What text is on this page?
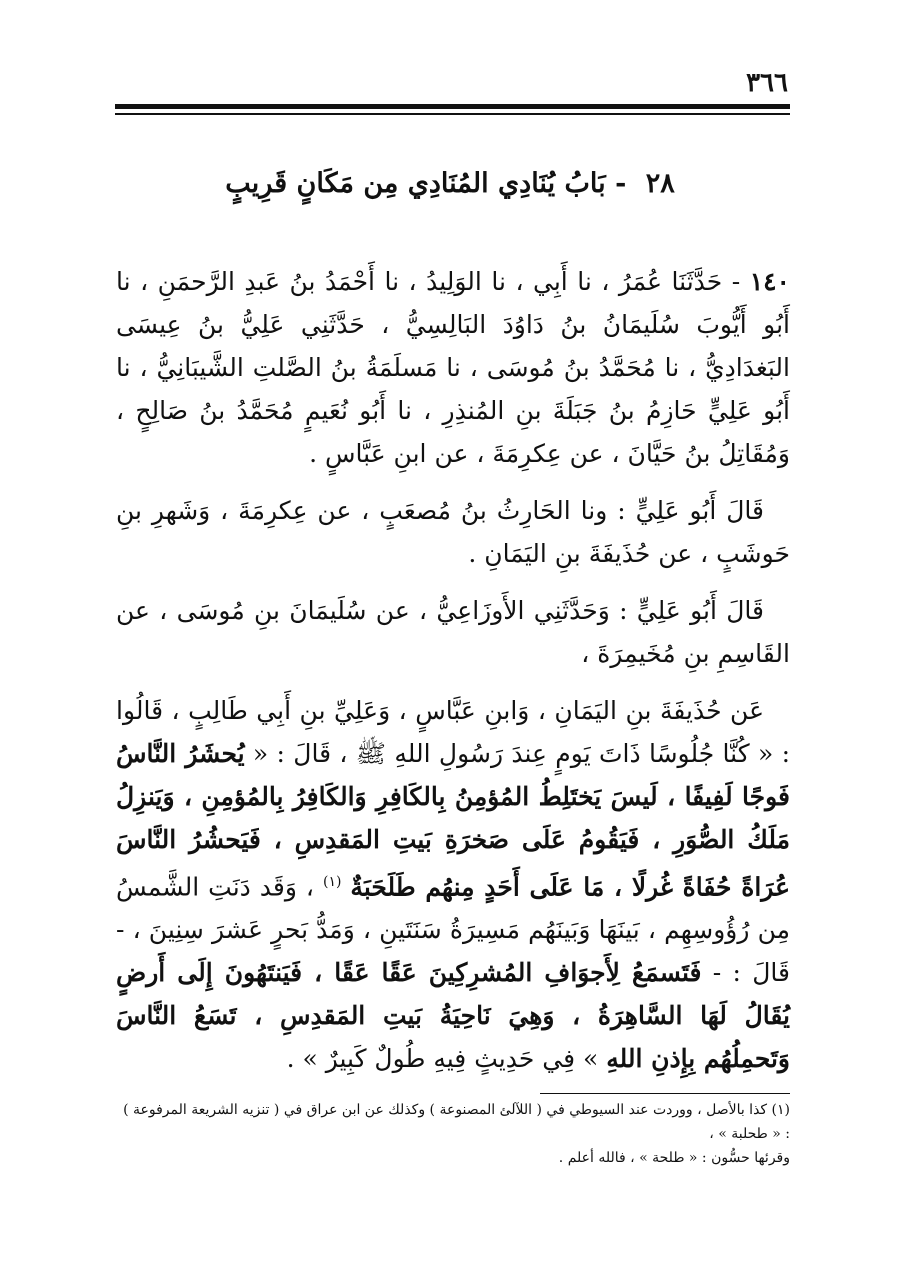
٣٦٦
٢٨ - بَابُ يُنَادِي المُنَادِي مِن مَكَانٍ قَرِيبٍ

١٤٠ - حَدَّثَنَا عُمَرُ ، نا أَبِي ، نا الوَلِيدُ ، نا أَحْمَدُ بنُ عَبدِ الرَّحمَنِ ، نا أَبُو أَيُّوبَ سُلَيمَانُ بنُ دَاوُدَ البَالِسِيُّ ، حَدَّثَنِي عَلِيُّ بنُ عِيسَى البَغدَادِيُّ ، نا مُحَمَّدُ بنُ مُوسَى ، نا مَسلَمَةُ بنُ الصَّلتِ الشَّيبَانِيُّ ، نا أَبُو عَلِيٍّ حَازِمُ بنُ جَبَلَةَ بنِ المُنذِرِ ، نا أَبُو نُعَيمٍ مُحَمَّدُ بنُ صَالِحٍ ، وَمُقَاتِلُ بنُ حَيَّانَ ، عن عِكرِمَةَ ، عن ابنِ عَبَّاسٍ .

قَالَ أَبُو عَلِيٍّ : ونا الحَارِثُ بنُ مُصعَبٍ ، عن عِكرِمَةَ ، وَشَهرِ بنِ حَوشَبٍ ، عن حُذَيفَةَ بنِ اليَمَانِ .

قَالَ أَبُو عَلِيٍّ : وَحَدَّثَنِي الأَوزَاعِيُّ ، عن سُلَيمَانَ بنِ مُوسَى ، عن القَاسِمِ بنِ مُخَيمِرَةَ ،

عَن حُذَيفَةَ بنِ اليَمَانِ ، وَابنِ عَبَّاسٍ ، وَعَلِيِّ بنِ أَبِي طَالِبٍ ، قَالُوا : « كُنَّا جُلُوسًا ذَاتَ يَومٍ عِندَ رَسُولِ اللهِ ﷺ ، قَالَ : « يُحشَرُ النَّاسُ فَوجًا لَفِيفًا ، لَيسَ يَختَلِطُ المُؤمِنُ بِالكَافِرِ وَالكَافِرُ بِالمُؤمِنِ ، وَيَنزِلُ مَلَكُ الصُّوَرِ ، فَيَقُومُ عَلَى صَخرَةِ بَيتِ المَقدِسِ ، فَيَحشُرُ النَّاسَ عُرَاةً حُفَاةً غُرلًا ، مَا عَلَى أَحَدٍ مِنهُم طَلَحَبَةٌ $^{(١)}$ ، وَقَد دَنَتِ الشَّمسُ مِن رُؤُوسِهِم ، بَينَهَا وَبَينَهُم مَسِيرَةُ سَنَتَينِ ، وَمَدُّ بَحرٍ عَشرَ سِنِينَ ، - قَالَ : - فَتَسمَعُ لِأَجوَافِ المُشرِكِينَ عَقًا عَقًا ، فَيَنتَهُونَ إِلَى أَرضٍ يُقَالُ لَهَا السَّاهِرَةُ ، وَهِيَ نَاحِيَةُ بَيتِ المَقدِسِ ، تَسَعُ النَّاسَ وَتَحمِلُهُم بِإِذنِ اللهِ » فِي حَدِيثٍ فِيهِ طُولٌ كَبِيرٌ » .

(١) كذا بالأصل ، ووردت عند السيوطي في ( اللآلئ المصنوعة ) وكذلك عن ابن عراق في ( تنزيه الشريعة المرفوعة ) : « طحلبة » ،
وقرئها حسُّون : « طلحة » ، فالله أعلم .
